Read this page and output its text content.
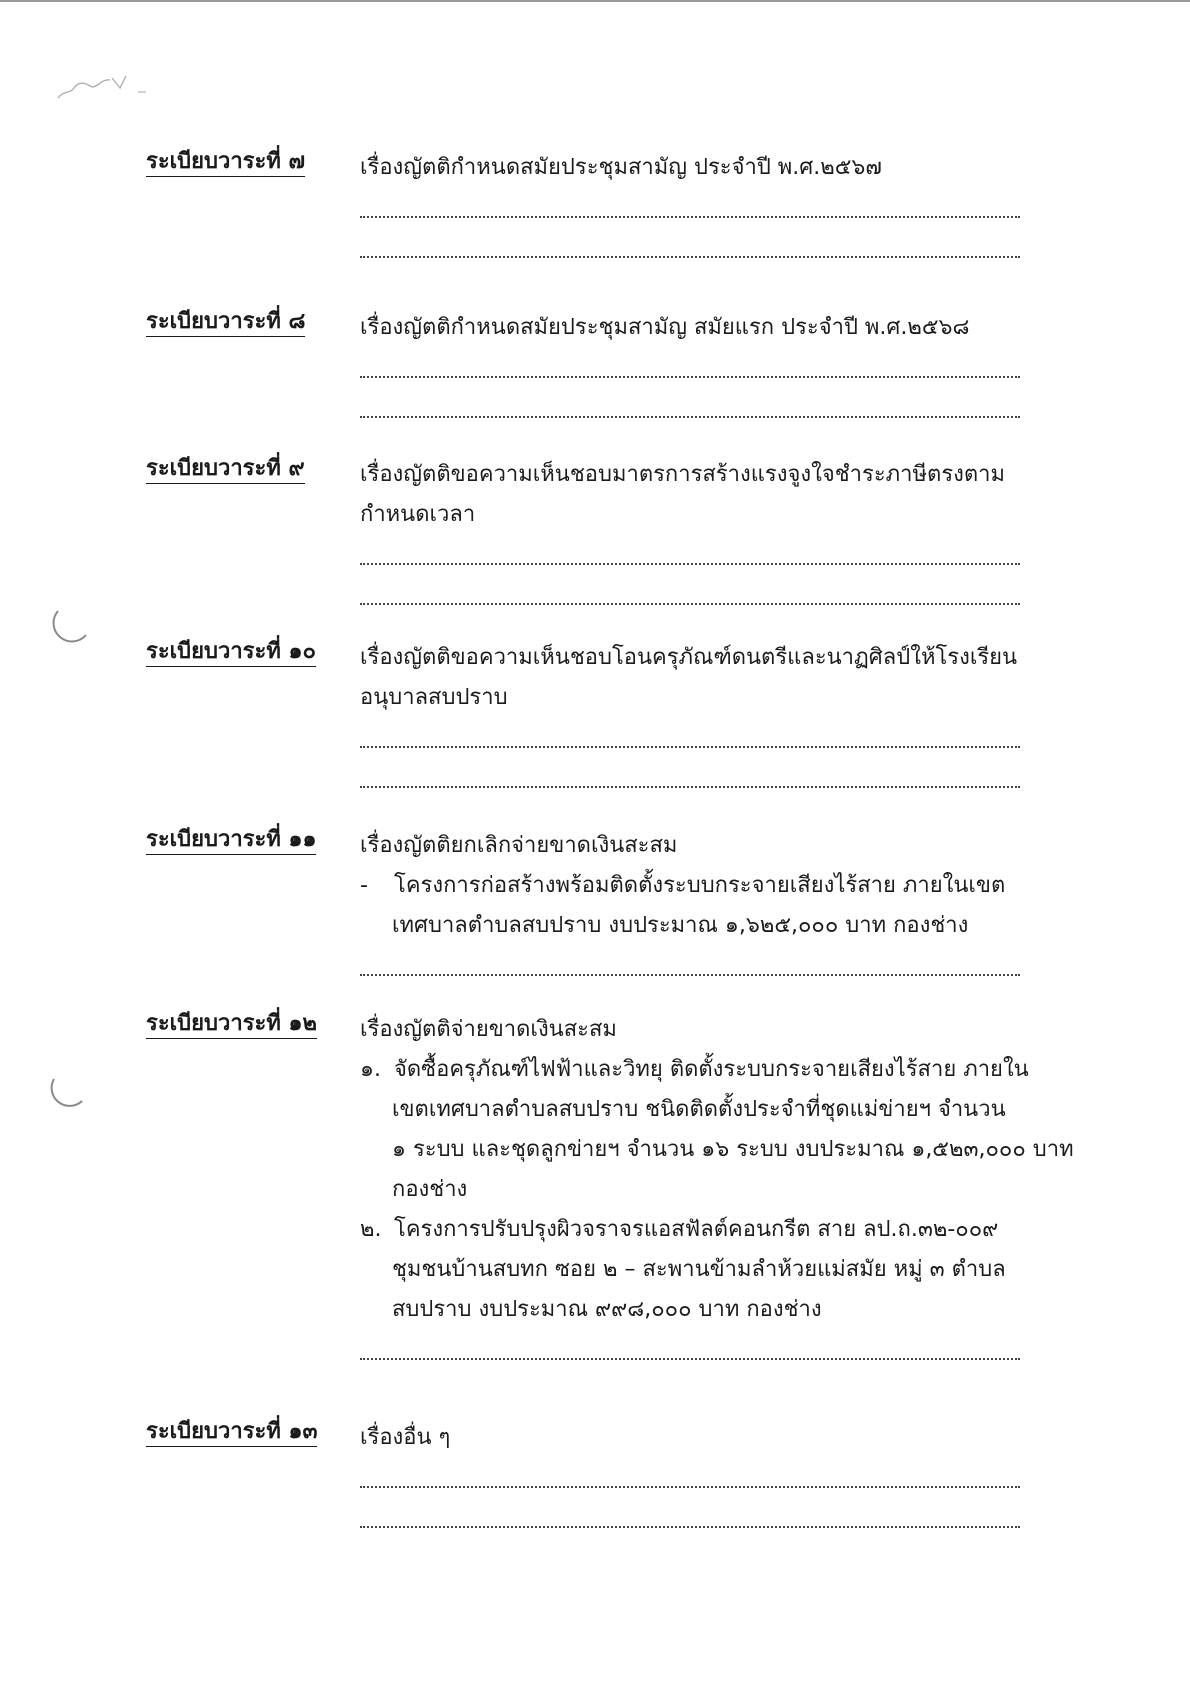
ระเบียบวาระที่ ๗ เรื่องญัตติกำหนดสมัยประชุมสามัญ ประจำปี พ.ศ.๒๕๖๗
ระเบียบวาระที่ ๘ เรื่องญัตติกำหนดสมัยประชุมสามัญ สมัยแรก ประจำปี พ.ศ.๒๕๖๘
ระเบียบวาระที่ ๙	เรื่องญัตติขอความเห็นชอบมาตรการสร้างแรงจูงใจชำระภาษีตรงตาม
กำหนดเวลา
ระเบียบวาระที่ ๑๐ เรื่องญัตติขอความเห็นชอบโอนครุภัณฑ์ดนตรีและนาฏศิลป์ให้โรงเรียน
อนุบาลสบปราบ
ระเบียบวาระที่ ๑๑ เรื่องญัตติยกเลิกจ่ายขาดเงินสะสม
- โครงการก่อสร้างพร้อมติดตั้งระบบกระจายเสียงไร้สาย ภายในเขต
เทศบาลตำบลสบปราบ งบประมาณ ๑,๖๒๕,๐๐๐ บาท กองช่าง
ระเบียบวาระที่ ๑๒ เรื่องญัตติจ่ายขาดเงินสะสม
๑. จัดซื้อครุภัณฑ์ไฟฟ้าและวิทยุ ติดตั้งระบบกระจายเสียงไร้สาย ภายใน
เขตเทศบาลตำบลสบปราบ ชนิดติดตั้งประจำที่ชุดแม่ข่ายฯ จำนวน
๑ ระบบ และชุดลูกข่ายฯ จำนวน ๑๖ ระบบ งบประมาณ ๑,๕๒๓,๐๐๐ บาท
กองช่าง
๒. โครงการปรับปรุงผิวจราจรแอสฟัลต์คอนกรีต สาย ลป.ถ.๓๒-๐๐๙
ชุมชนบ้านสบทก ซอย ๒ – สะพานข้ามลำห้วยแม่สมัย หมู่ ๓ ตำบล
สบปราบ งบประมาณ ๙๙๘,๐๐๐ บาท กองช่าง
ระเบียบวาระที่ ๑๓ เรื่องอื่น ๆ
